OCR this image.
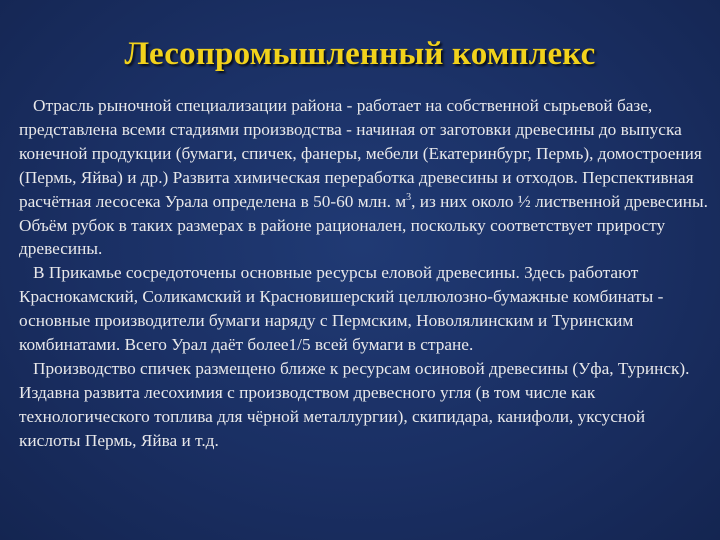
Лесопромышленный комплекс

Отрасль рыночной специализации района - работает на собственной сырьевой базе, представлена всеми стадиями производства - начиная от заготовки древесины до выпуска конечной продукции (бумаги, спичек, фанеры, мебели (Екатеринбург, Пермь), домостроения (Пермь, Яйва) и др.) Развита химическая переработка древесины и отходов. Перспективная расчётная лесосека Урала определена в 50-60 млн. $м^3$, из них около ½ лиственной древесины. Объём рубок в таких размерах в районе рационален, поскольку соответствует приросту древесины.

В Прикамье сосредоточены основные ресурсы еловой древесины. Здесь работают Краснокамский, Соликамский и Красновишерский целлюлозно-бумажные комбинаты - основные производители бумаги наряду с Пермским, Новолялинским и Туринским комбинатами. Всего Урал даёт более1/5 всей бумаги в стране.

Производство спичек размещено ближе к ресурсам осиновой древесины (Уфа, Туринск). Издавна развита лесохимия с производством древесного угля (в том числе как технологического топлива для чёрной металлургии), скипидара, канифоли, уксусной кислоты Пермь, Яйва и т.д.
